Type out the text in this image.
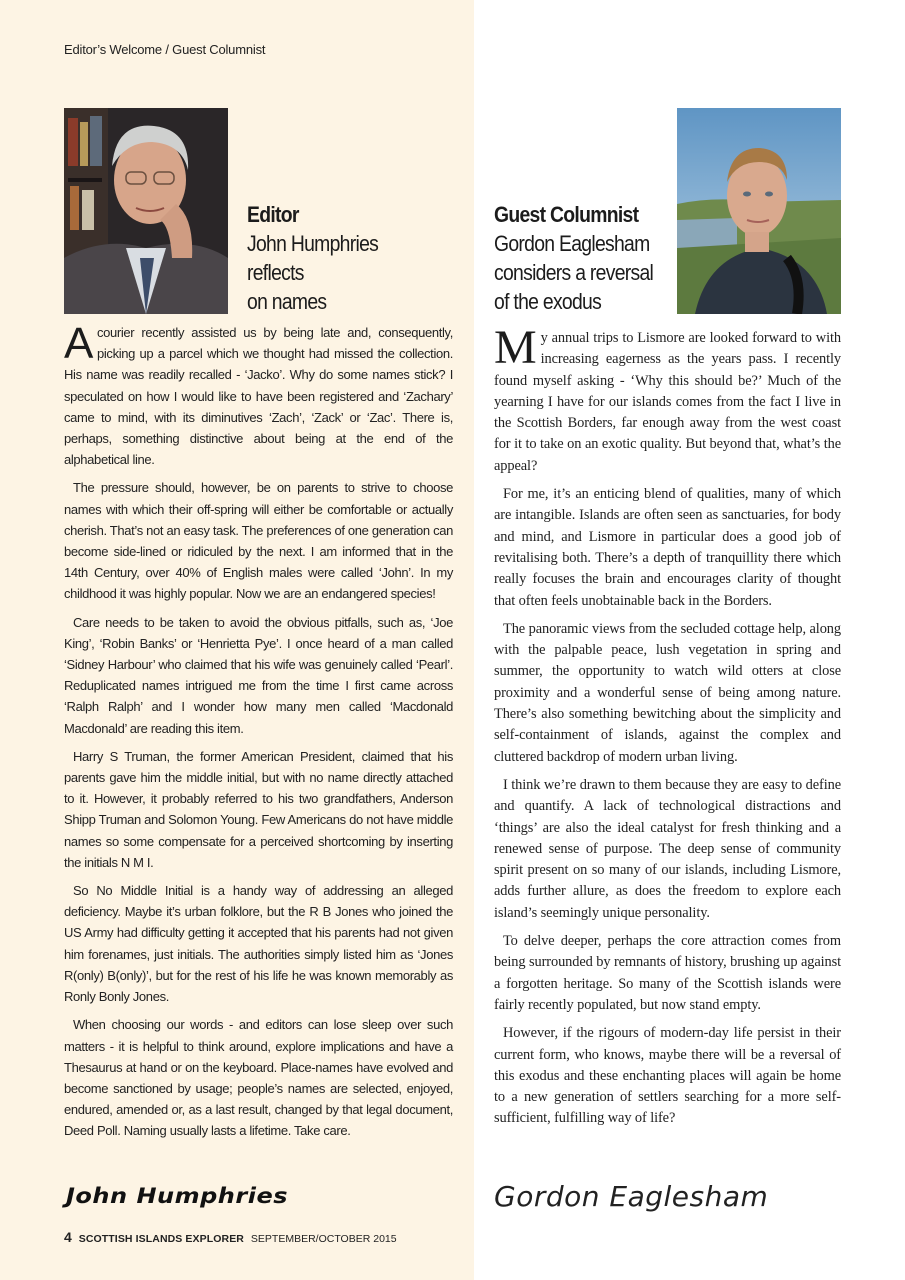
Editor’s Welcome / Guest Columnist
Editor
John Humphries
reflects
on names
Guest Columnist
Gordon Eaglesham
considers a reversal
of the exodus

Acourier recently assisted us by being late and, consequently, picking up a parcel which we thought had missed the collection. His name was readily recalled - ‘Jacko’. Why do some names stick? I speculated on how I would like to have been registered and ‘Zachary’ came to mind, with its diminutives ‘Zach’, ‘Zack’ or ‘Zac’. There is, perhaps, something distinctive about being at the end of the alphabetical line.

The pressure should, however, be on parents to strive to choose names with which their off-spring will either be comfortable or actually cherish. That’s not an easy task. The preferences of one generation can become side-lined or ridiculed by the next. I am informed that in the 14th Century, over 40% of English males were called ‘John’. In my childhood it was highly popular. Now we are an endangered species!

Care needs to be taken to avoid the obvious pitfalls, such as, ‘Joe King’, ‘Robin Banks’ or ‘Henrietta Pye’. I once heard of a man called ‘Sidney Harbour’ who claimed that his wife was genuinely called ‘Pearl’. Reduplicated names intrigued me from the time I first came across ‘Ralph Ralph’ and I wonder how many men called ‘Macdonald Macdonald’ are reading this item.

Harry S Truman, the former American President, claimed that his parents gave him the middle initial, but with no name directly attached to it. However, it probably referred to his two grandfathers, Anderson Shipp Truman and Solomon Young. Few Americans do not have middle names so some compensate for a perceived shortcoming by inserting the initials N M I.

So No Middle Initial is a handy way of addressing an alleged deficiency. Maybe it’s urban folklore, but the R B Jones who joined the US Army had difficulty getting it accepted that his parents had not given him forenames, just initials. The authorities simply listed him as ‘Jones R(only) B(only)’, but for the rest of his life he was known memorably as Ronly Bonly Jones.

When choosing our words - and editors can lose sleep over such matters - it is helpful to think around, explore implications and have a Thesaurus at hand or on the keyboard. Place-names have evolved and become sanctioned by usage; people’s names are selected, enjoyed, endured, amended or, as a last result, changed by that legal document, Deed Poll. Naming usually lasts a lifetime. Take care.

My annual trips to Lismore are looked forward to with increasing eagerness as the years pass. I recently found myself asking - ‘Why this should be?’ Much of the yearning I have for our islands comes from the fact I live in the Scottish Borders, far enough away from the west coast for it to take on an exotic quality. But beyond that, what’s the appeal?

For me, it’s an enticing blend of qualities, many of which are intangible. Islands are often seen as sanctuaries, for body and mind, and Lismore in particular does a good job of revitalising both. There’s a depth of tranquillity there which really focuses the brain and encourages clarity of thought that often feels unobtainable back in the Borders.

The panoramic views from the secluded cottage help, along with the palpable peace, lush vegetation in spring and summer, the opportunity to watch wild otters at close proximity and a wonderful sense of being among nature. There’s also something bewitching about the simplicity and self-containment of islands, against the complex and cluttered backdrop of modern urban living.

I think we’re drawn to them because they are easy to define and quantify. A lack of technological distractions and ‘things’ are also the ideal catalyst for fresh thinking and a renewed sense of purpose. The deep sense of community spirit present on so many of our islands, including Lismore, adds further allure, as does the freedom to explore each island’s seemingly unique personality.

To delve deeper, perhaps the core attraction comes from being surrounded by remnants of history, brushing up against a forgotten heritage. So many of the Scottish islands were fairly recently populated, but now stand empty.

However, if the rigours of modern-day life persist in their current form, who knows, maybe there will be a reversal of this exodus and these enchanting places will again be home to a new generation of settlers searching for a more self-sufficient, fulfilling way of life?

John Humphries	Gordon Eaglesham
4 SCOTTISH ISLANDS EXPLORER SEPTEMBER/OCTOBER 2015
